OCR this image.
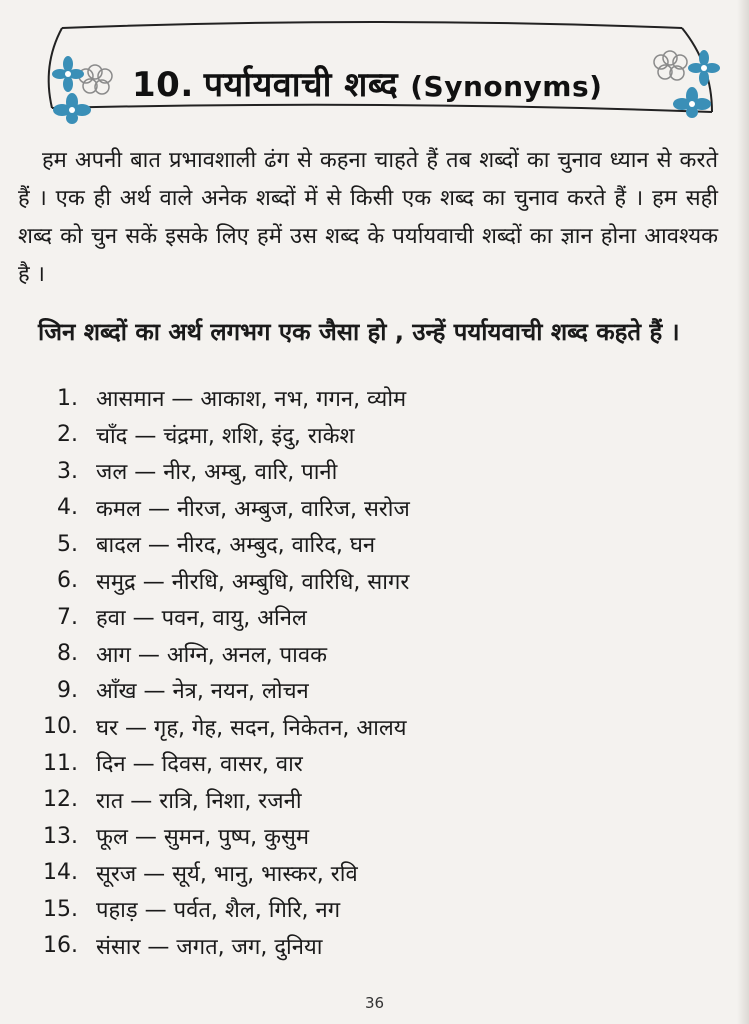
10. पर्यायवाची शब्द (Synonyms)

हम अपनी बात प्रभावशाली ढंग से कहना चाहते हैं तब शब्दों का चुनाव ध्यान से करते हैं । एक ही अर्थ वाले अनेक शब्दों में से किसी एक शब्द का चुनाव करते हैं । हम सही शब्द को चुन सकें इसके लिए हमें उस शब्द के पर्यायवाची शब्दों का ज्ञान होना आवश्यक है ।

जिन शब्दों का अर्थ लगभग एक जैसा हो , उन्हें पर्यायवाची शब्द कहते हैं ।

1. आसमान — आकाश, नभ, गगन, व्योम
2. चाँद — चंद्रमा, शशि, इंदु, राकेश
3. जल — नीर, अम्बु, वारि, पानी
4. कमल — नीरज, अम्बुज, वारिज, सरोज
5. बादल — नीरद, अम्बुद, वारिद, घन
6. समुद्र — नीरधि, अम्बुधि, वारिधि, सागर
7. हवा — पवन, वायु, अनिल
8. आग — अग्नि, अनल, पावक
9. आँख — नेत्र, नयन, लोचन
10. घर — गृह, गेह, सदन, निकेतन, आलय
11. दिन — दिवस, वासर, वार
12. रात — रात्रि, निशा, रजनी
13. फूल — सुमन, पुष्प, कुसुम
14. सूरज — सूर्य, भानु, भास्कर, रवि
15. पहाड़ — पर्वत, शैल, गिरि, नग
16. संसार — जगत, जग, दुनिया
36
